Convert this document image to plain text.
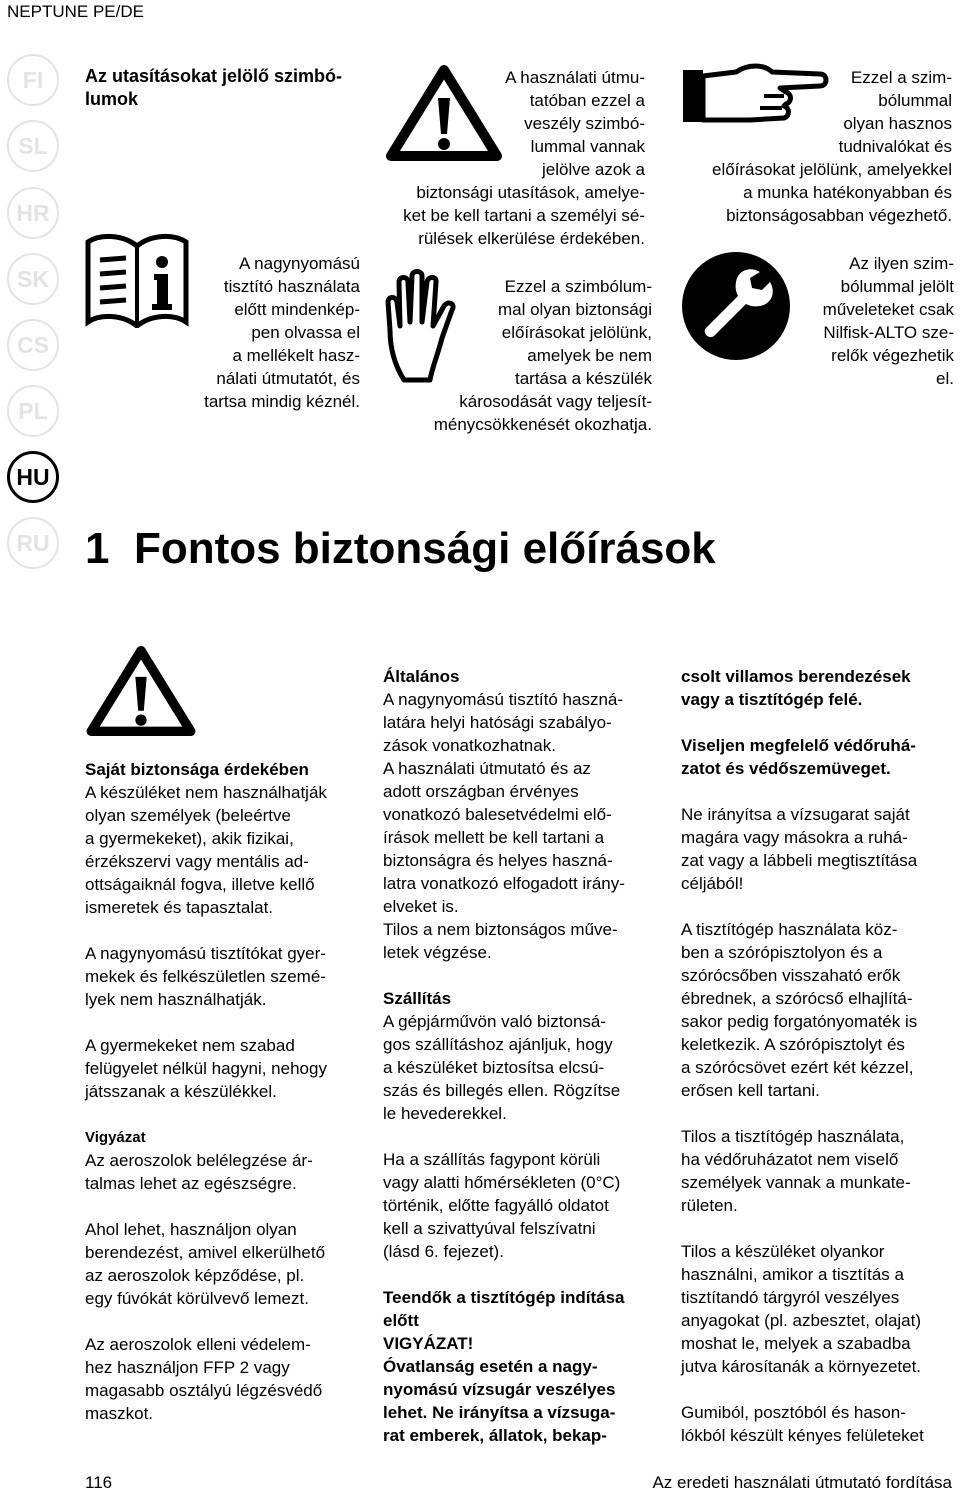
NEPTUNE PE/DE
FI
SL
HR
SK
CS
PL
HU
RU
Az utasításokat jelölő szimbó-
lumok
A nagynyomású
tisztító használata
előtt mindenkép-
pen olvassa el
a mellékelt hasz-
nálati útmutatót, és
tartsa mindig kéznél.
A használati útmu-
tatóban ezzel a
veszély szimbó-
lummal vannak
jelölve azok a
biztonsági utasítások, amelye-
ket be kell tartani a személyi sé-
rülések elkerülése érdekében.
Ezzel a szimbólum-
mal olyan biztonsági
előírásokat jelölünk,
amelyek be nem
tartása a készülék
károsodását vagy teljesít-
ménycsökkenését okozhatja.
Ezzel a szim-
bólummal
olyan hasznos
tudnivalókat és
előírásokat jelölünk, amelyekkel
a munka hatékonyabban és
biztonságosabban végezhető.
Az ilyen szim-
bólummal jelölt
műveleteket csak
Nilfisk-ALTO sze-
relők végezhetik
el.
1 Fontos biztonsági előírások
Saját biztonsága érdekében
A készüléket nem használhatják
olyan személyek (beleértve
a gyermekeket), akik fizikai,
érzékszervi vagy mentális ad-
ottságaiknál fogva, illetve kellő
ismeretek és tapasztalat.
A nagynyomású tisztítókat gyer-
mekek és felkészületlen szemé-
lyek nem használhatják.
A gyermekeket nem szabad
felügyelet nélkül hagyni, nehogy
játsszanak a készülékkel.
Vigyázat
Az aeroszolok belélegzése ár-
talmas lehet az egészségre.
Ahol lehet, használjon olyan
berendezést, amivel elkerülhető
az aeroszolok képződése, pl.
egy fúvókát körülvevő lemezt.
Az aeroszolok elleni védelem-
hez használjon FFP 2 vagy
magasabb osztályú légzésvédő
maszkot.
Általános
A nagynyomású tisztító haszná-
latára helyi hatósági szabályo-
zások vonatkozhatnak.
A használati útmutató és az
adott országban érvényes
vonatkozó balesetvédelmi elő-
írások mellett be kell tartani a
biztonságra és helyes haszná-
latra vonatkozó elfogadott irány-
elveket is.
Tilos a nem biztonságos műve-
letek végzése.
Szállítás
A gépjárművön való biztonsá-
gos szállításhoz ajánljuk, hogy
a készüléket biztosítsa elcsú-
szás és billegés ellen. Rögzítse
le hevederekkel.
Ha a szállítás fagypont körüli
vagy alatti hőmérsékleten (0°C)
történik, előtte fagyálló oldatot
kell a szivattyúval felszívatni
(lásd 6. fejezet).
Teendők a tisztítógép indítása
előtt
VIGYÁZAT!
Óvatlanság esetén a nagy-
nyomású vízsugár veszélyes
lehet. Ne irányítsa a vízsuga-
rat emberek, állatok, bekap-
csolt villamos berendezések
vagy a tisztítógép felé.
Viseljen megfelelő védőruhá-
zatot és védőszemüveget.
Ne irányítsa a vízsugarat saját
magára vagy másokra a ruhá-
zat vagy a lábbeli megtisztítása
céljából!
A tisztítógép használata köz-
ben a szórópisztolyon és a
szórócsőben visszaható erők
ébrednek, a szórócső elhajlítá-
sakor pedig forgatónyomaték is
keletkezik. A szórópisztolyt és
a szórócsövet ezért két kézzel,
erősen kell tartani.
Tilos a tisztítógép használata,
ha védőruházatot nem viselő
személyek vannak a munkate-
rületen.
Tilos a készüléket olyankor
használni, amikor a tisztítás a
tisztítandó tárgyról veszélyes
anyagokat (pl. azbesztet, olajat)
moshat le, melyek a szabadba
jutva károsítanák a környezetet.
Gumiból, posztóból és hason-
lókból készült kényes felületeket
116	Az eredeti használati útmutató fordítása
